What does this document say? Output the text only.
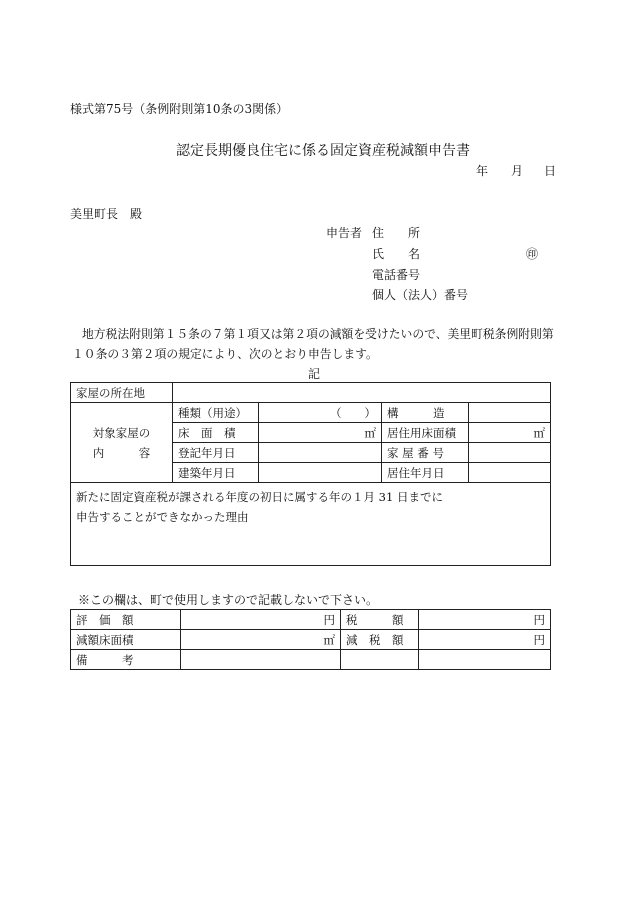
様式第75号（条例附則第10条の3関係）
認定長期優良住宅に係る固定資産税減額申告書
年 月 日
美里町長　殿
申告者 住　　所
氏　　名	㊞
電話番号
個人（法人）番号
地方税法附則第１５条の７第１項又は第２項の減額を受けたいので、美里町税条例附則第
１０条の３第２項の規定により、次のとおり申告します。
記
家屋の所在地				

対象家屋の
内　　　容	種類（用途）	（　　）	構　　　造	
	床　面　積	㎡	居住用床面積	㎡
	登記年月日		家 屋 番 号	
	建築年月日		居住年月日	

新たに固定資産税が課される年度の初日に属する年の１月 31 日までに
申告することができなかった理由				
※この欄は、町で使用しますので記載しないで下さい。
評　価　額	円	税　　　額	円
減額床面積	㎡	減　税　額	円
備　　　考			
